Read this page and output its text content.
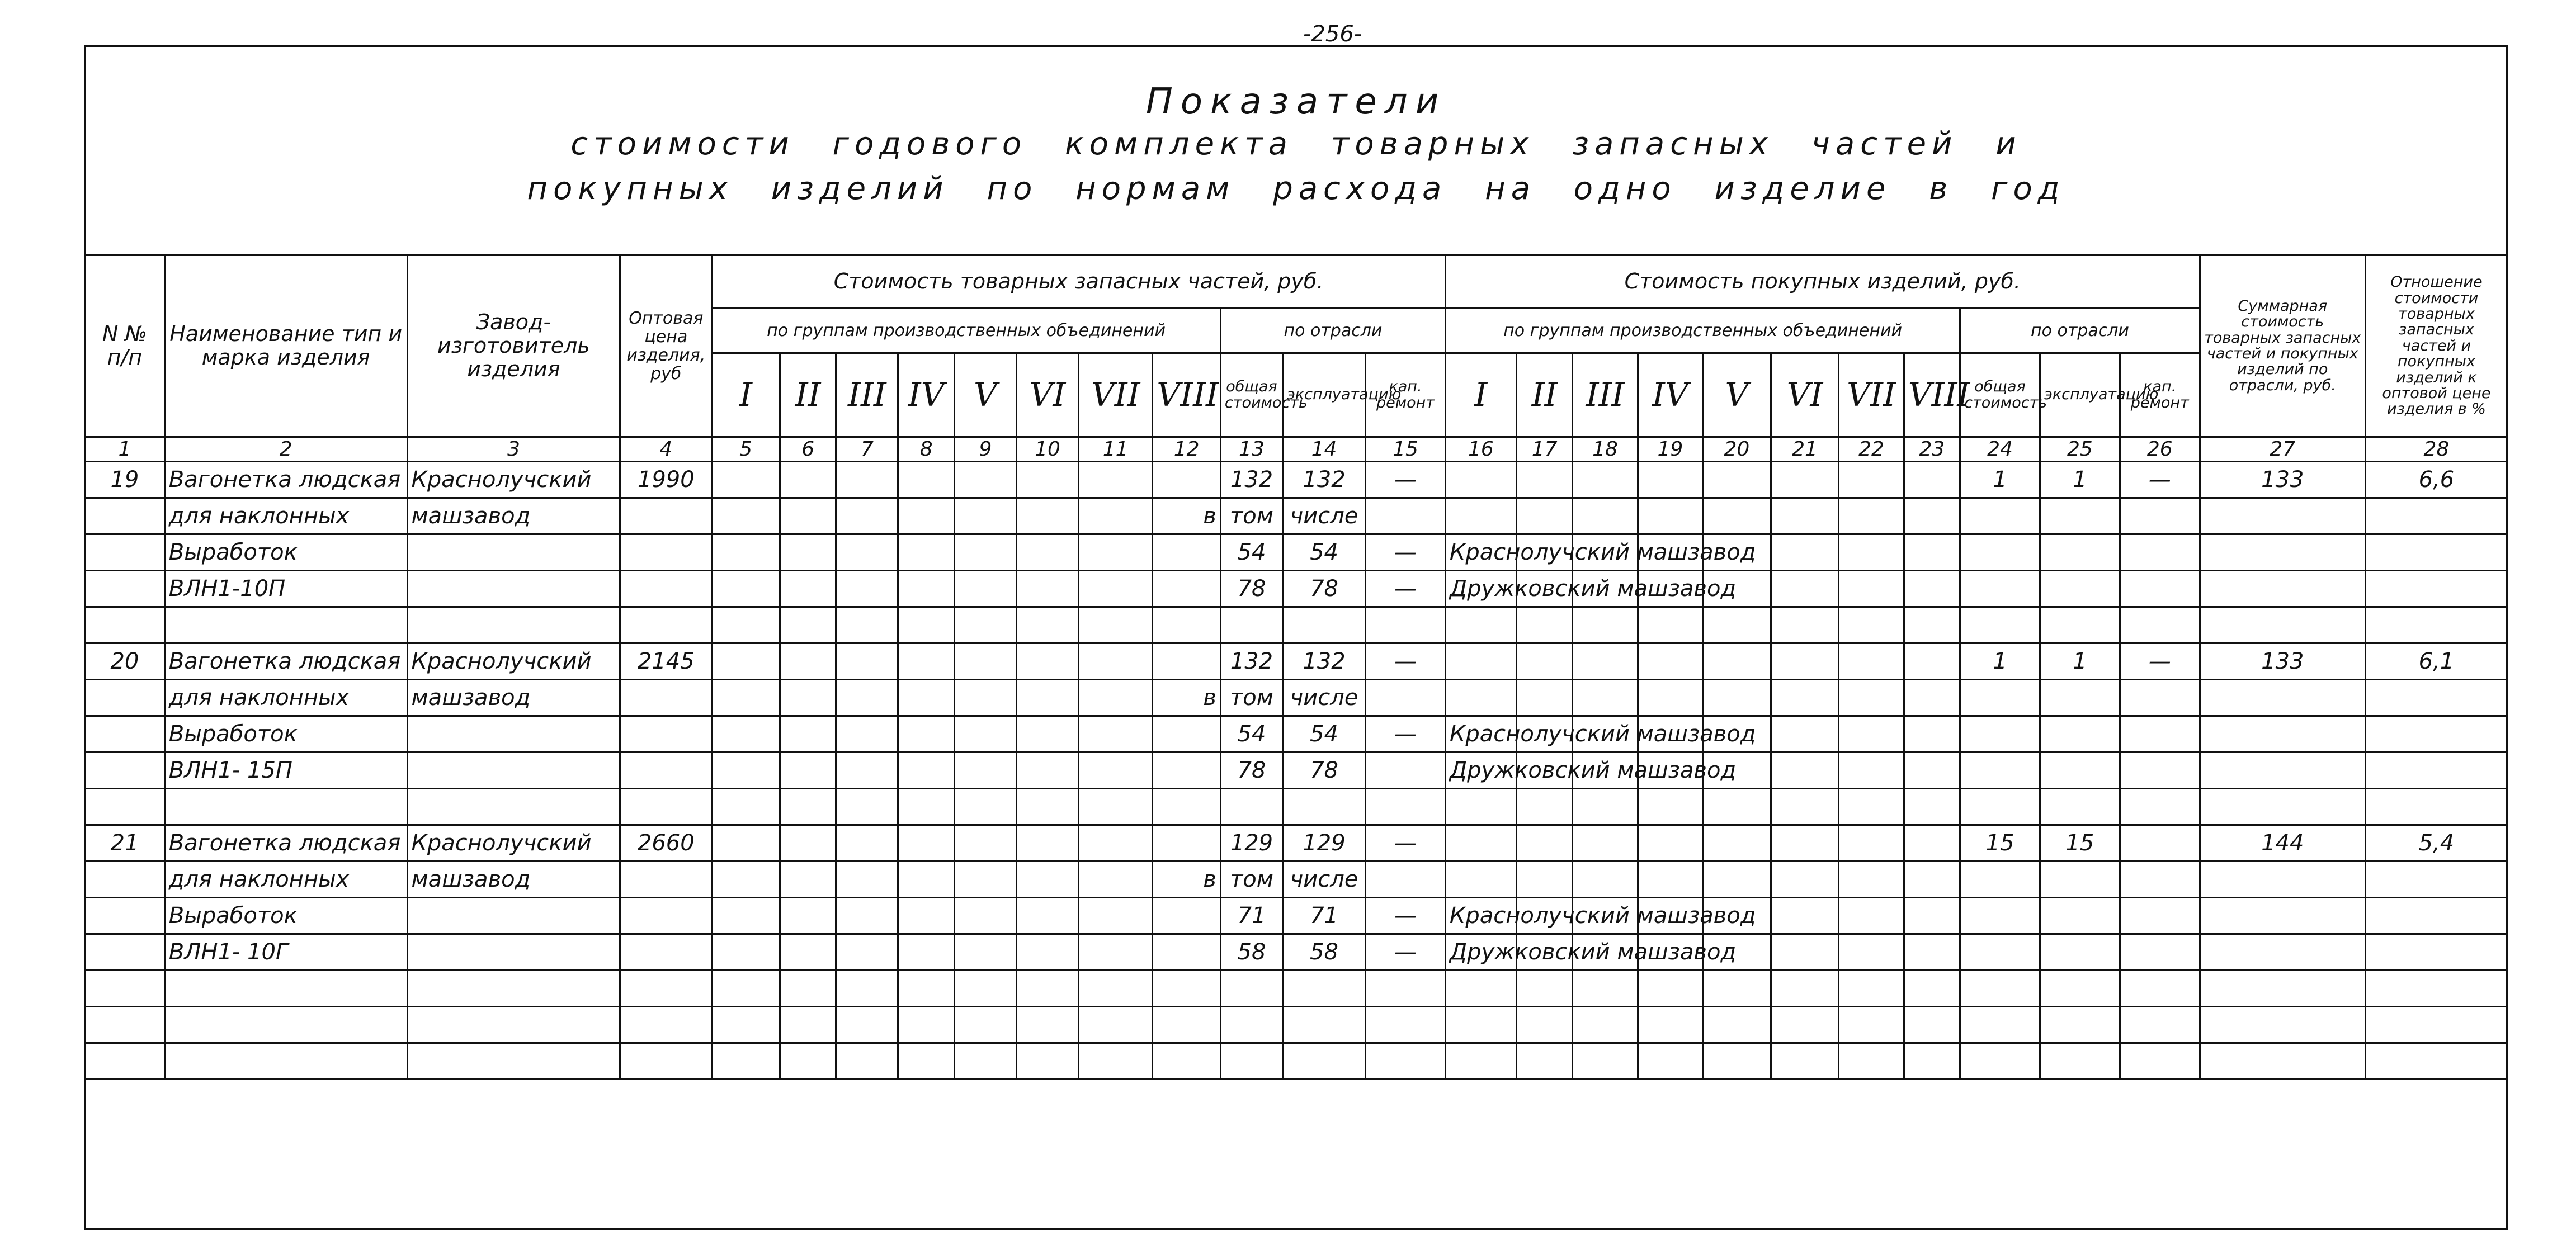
-256-
Показатели
стоимости годового комплекта товарных запасных частей и
покупных изделий по нормам расхода на одно изделие в год
N № п/п	Наименование тип и марка изделия	Завод-изготовитель изделия	Оптовая цена изделия, руб	Стоимость товарных запасных частей, руб.											Стоимость покупных изделий, руб.											Суммарная стоимость товарных запасных частей и покупных изделий по отрасли, руб.	Отношение стоимости товарных запасных частей и покупных изделий к оптовой цене изделия в %
				по группам производственных объединений								по отрасли			по группам производственных объединений								по отрасли				
				I	II	III	IV	V	VI	VII	VIII	общая стоимость	эксплуатацию	кап. ремонт	I	II	III	IV	V	VI	VII	VIII	общая стоимость	эксплуатацию	кап. ремонт		
1	2	3	4	5	6	7	8	9	10	11	12	13	14	15	16	17	18	19	20	21	22	23	24	25	26	27	28
19	Вагонетка людская	Краснолучский	1990									132	132	—									1	1	—	133	6,6
	для наклонных	машзавод									в	том	числе														
	Выработок											54	54	—	Краснолучский машзавод												
	ВЛН1-10П											78	78	—	Дружковский машзавод												

20	Вагонетка людская	Краснолучский	2145									132	132	—									1	1	—	133	6,1
	для наклонных	машзавод									в	том	числе														
	Выработок											54	54	—	Краснолучский машзавод												
	ВЛН1- 15П											78	78		Дружковский машзавод												

21	Вагонетка людская	Краснолучский	2660									129	129	—									15	15		144	5,4
	для наклонных	машзавод									в	том	числе														
	Выработок											71	71	—	Краснолучский машзавод												
	ВЛН1- 10Г											58	58	—	Дружковский машзавод												
